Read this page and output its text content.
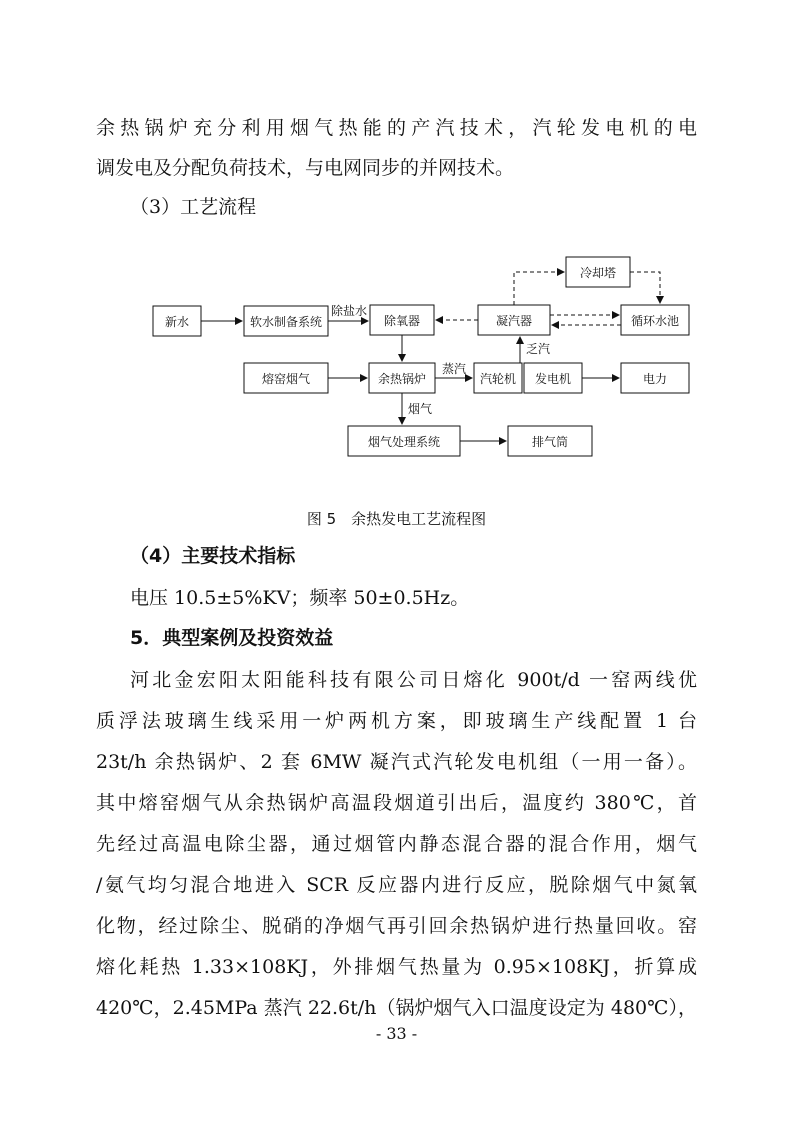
余热锅炉充分利用烟气热能的产汽技术，汽轮发电机的电
调发电及分配负荷技术，与电网同步的并网技术。
（3）工艺流程
新水	软水制备系统	除氧器	凝汽器
冷却塔
循环水池
熔窑烟气	余热锅炉	汽轮机 发电机	电力
烟气处理系统	排气筒
除盐水
蒸汽
乏汽
烟气
图 5　余热发电工艺流程图
（4）主要技术指标
电压 10.5±5%KV；频率 50±0.5Hz。
5．典型案例及投资效益
河北金宏阳太阳能科技有限公司日熔化 900t/d 一窑两线优
质浮法玻璃生线采用一炉两机方案，即玻璃生产线配置 1 台
23t/h 余热锅炉、2 套 6MW 凝汽式汽轮发电机组（一用一备）。
其中熔窑烟气从余热锅炉高温段烟道引出后，温度约 380℃，首
先经过高温电除尘器，通过烟管内静态混合器的混合作用，烟气
/氨气均匀混合地进入 SCR 反应器内进行反应，脱除烟气中氮氧
化物，经过除尘、脱硝的净烟气再引回余热锅炉进行热量回收。窑
熔化耗热 1.33×108KJ，外排烟气热量为 0.95×108KJ，折算成
420℃，2.45MPa 蒸汽 22.6t/h（锅炉烟气入口温度设定为 480℃），
- 33 -
